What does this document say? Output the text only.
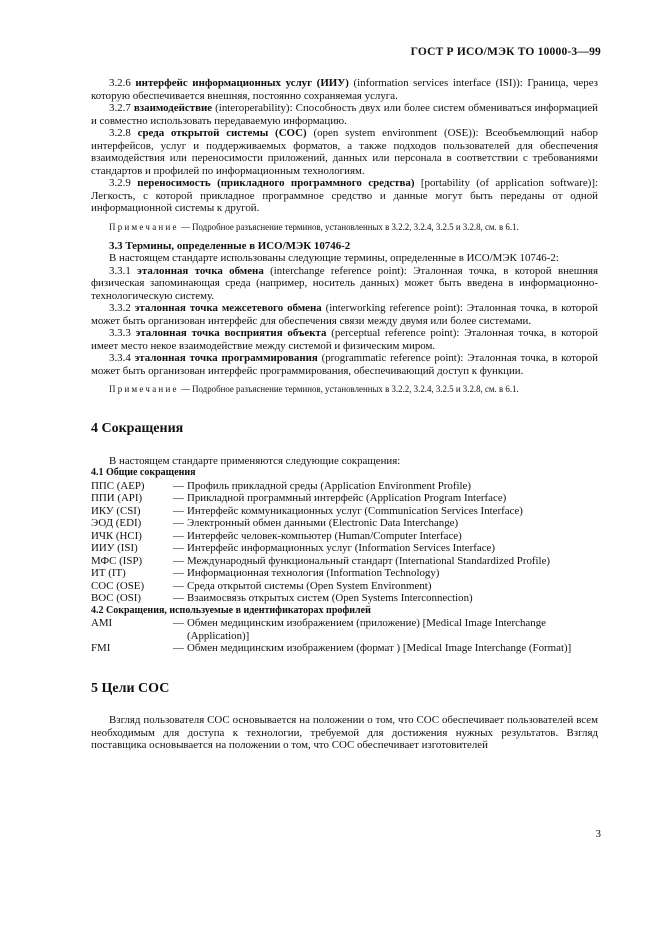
ГОСТ Р ИСО/МЭК ТО 10000-3—99

3.2.6 интерфейс информационных услуг (ИИУ) (information services interface (ISI)): Граница, через которую обеспечивается внешняя, постоянно сохраняемая услуга.

3.2.7 взаимодействие (interoperability): Способность двух или более систем обмениваться информацией и совместно использовать передаваемую информацию.

3.2.8 среда открытой системы (СОС) (open system environment (OSE)): Всеобъемлющий набор интерфейсов, услуг и поддерживаемых форматов, а также подходов пользователей для обеспечения взаимодействия или переносимости приложений, данных или персонала в соответствии с требованиями стандартов и профилей по информационным технологиям.

3.2.9 переносимость (прикладного программного средства) [portability (of application software)]: Легкость, с которой прикладное программное средство и данные могут быть переданы от одной информационной системы к другой.

Примечание — Подробное разъяснение терминов, установленных в 3.2.2, 3.2.4, 3.2.5 и 3.2.8, см. в 6.1.
3.3 Термины, определенные в ИСО/МЭК 10746-2

В настоящем стандарте использованы следующие термины, определенные в ИСО/МЭК 10746-2:

3.3.1 эталонная точка обмена (interchange reference point): Эталонная точка, в которой внешняя физическая запоминающая среда (например, носитель данных) может быть введена в информационно-технологическую систему.

3.3.2 эталонная точка межсетевого обмена (interworking reference point): Эталонная точка, в которой может быть организован интерфейс для обеспечения связи между двумя или более системами.

3.3.3 эталонная точка восприятия объекта (perceptual reference point): Эталонная точка, в которой имеет место некое взаимодействие между системой и физическим миром.

3.3.4 эталонная точка программирования (programmatic reference point): Эталонная точка, в которой может быть организован интерфейс программирования, обеспечивающий доступ к функции.

Примечание — Подробное разъяснение терминов, установленных в 3.2.2, 3.2.4, 3.2.5 и 3.2.8, см. в 6.1.
4 Сокращения

В настоящем стандарте применяются следующие сокращения:

4.1 Общие сокращения
ППС (AEP)	—	Профиль прикладной среды (Application Environment Profile)
ППИ (API)	—	Прикладной программный интерфейс (Application Program Interface)
ИКУ (CSI)	—	Интерфейс коммуникационных услуг (Communication Services Interface)
ЭОД (EDI)	—	Электронный обмен данными (Electronic Data Interchange)
ИЧК (HCI)	—	Интерфейс человек-компьютер (Human/Computer Interface)
ИИУ (ISI)	—	Интерфейс информационных услуг (Information Services Interface)
МФС (ISP)	—	Международный функциональный стандарт (International Standardized Profile)
ИТ (IT)	—	Информационная технология (Information Technology)
СОС (OSE)	—	Среда открытой системы (Open System Environment)
ВОС (OSI)	—	Взаимосвязь открытых систем (Open Systems Interconnection)
4.2 Сокращения, используемые в идентификаторах профилей
AMI	—	Обмен медицинским изображением (приложение) [Medical Image Interchange (Application)]
FMI	—	Обмен медицинским изображением (формат ) [Medical Image Interchange (Format)]
5 Цели СОС

Взгляд пользователя СОС основывается на положении о том, что СОС обеспечивает пользователей всем необходимым для доступа к технологии, требуемой для достижения нужных результатов. Взгляд поставщика основывается на положении о том, что СОС обеспечивает изготовителей

3
